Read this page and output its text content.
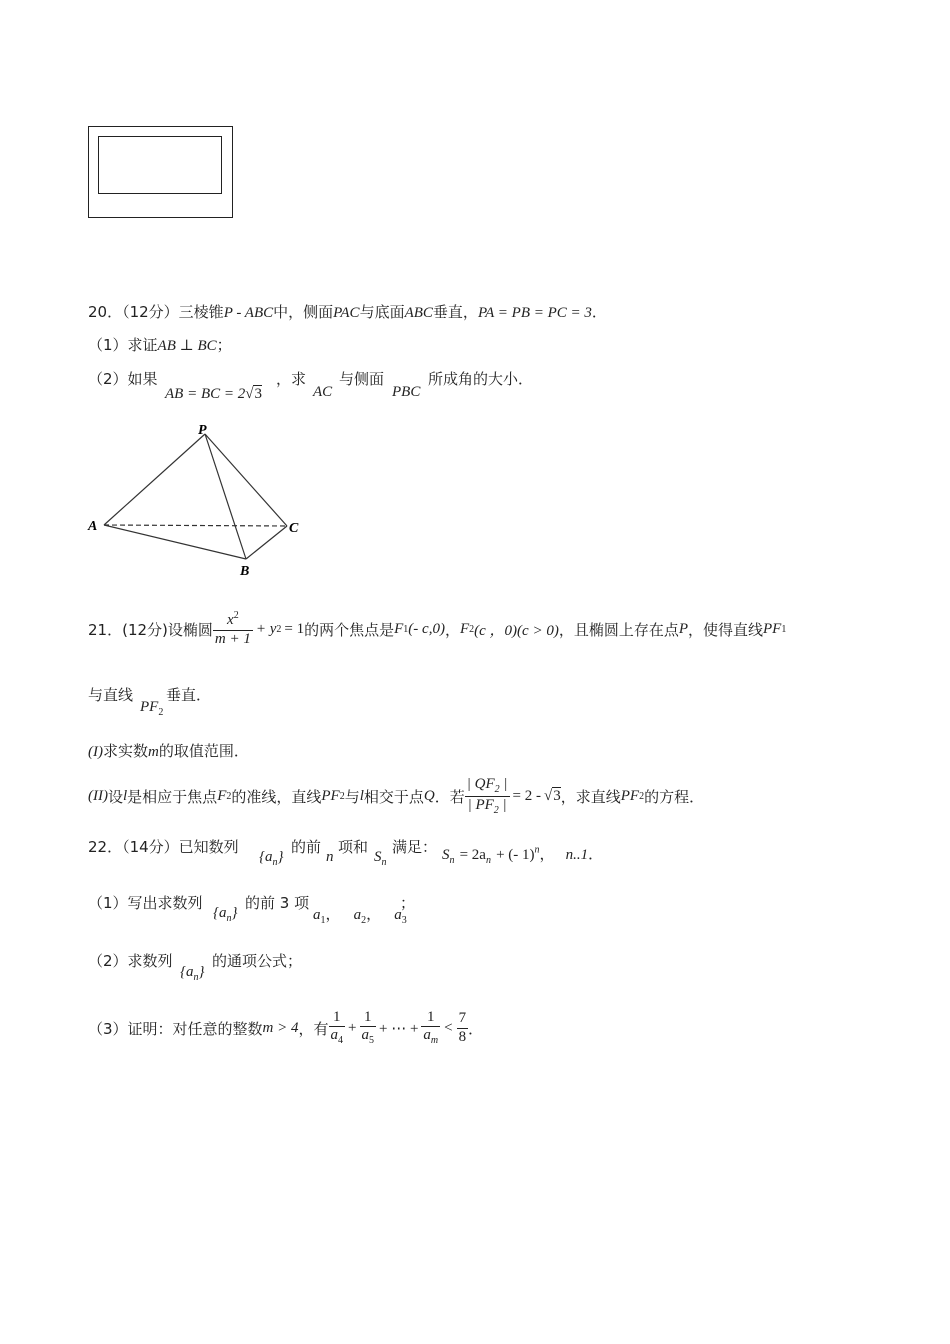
20．（12分）三棱锥P - ABC中，侧面PAC与底面ABC垂直，PA = PB = PC = 3．
（1）求证AB ⊥ BC；
（2）如果
AB = BC = 2√3
，求
AC
与侧面
PBC
所成角的大小．
P
A
B
C
21．(12分)设椭圆 $\frac{x^2}{m + 1} + y$ 2 = 1 的两个焦点是 F 1 (- c,0) ， F 2 (c ，0)(c > 0) ，且椭圆上存在点 P ，使得直线 PF 1
与直线
$PF_2$
垂直．
(I)求实数m的取值范围．
(II) 设 l 是相应于焦点 F 2 的准线，直线 PF 2 与 l 相交于点 Q ．若 $\frac{| QF_2 |}{| PF_2 |} = 2$ - √ 3 ，求直线 PF 2 的方程．
22．（14分）已知数列
$\{a_n\}$
的前
n
项和
$S_n$
满足： $S_n = 2a_n$ + (- 1)$^n$， n..1．
（1）写出求数列
$\{a_n\}$
的前 3 项
$a_1$， $a_2$， $a_3$
；
（2）求数列
$\{a_n\}$
的通项公式；
（3）证明：对任意的整数 m > 4 ，有 $\frac{1}{a_4} + \frac{1}{a_5}$ + ⋯ + $\frac{1}{a_m} < \frac{7}{8}$ ．
